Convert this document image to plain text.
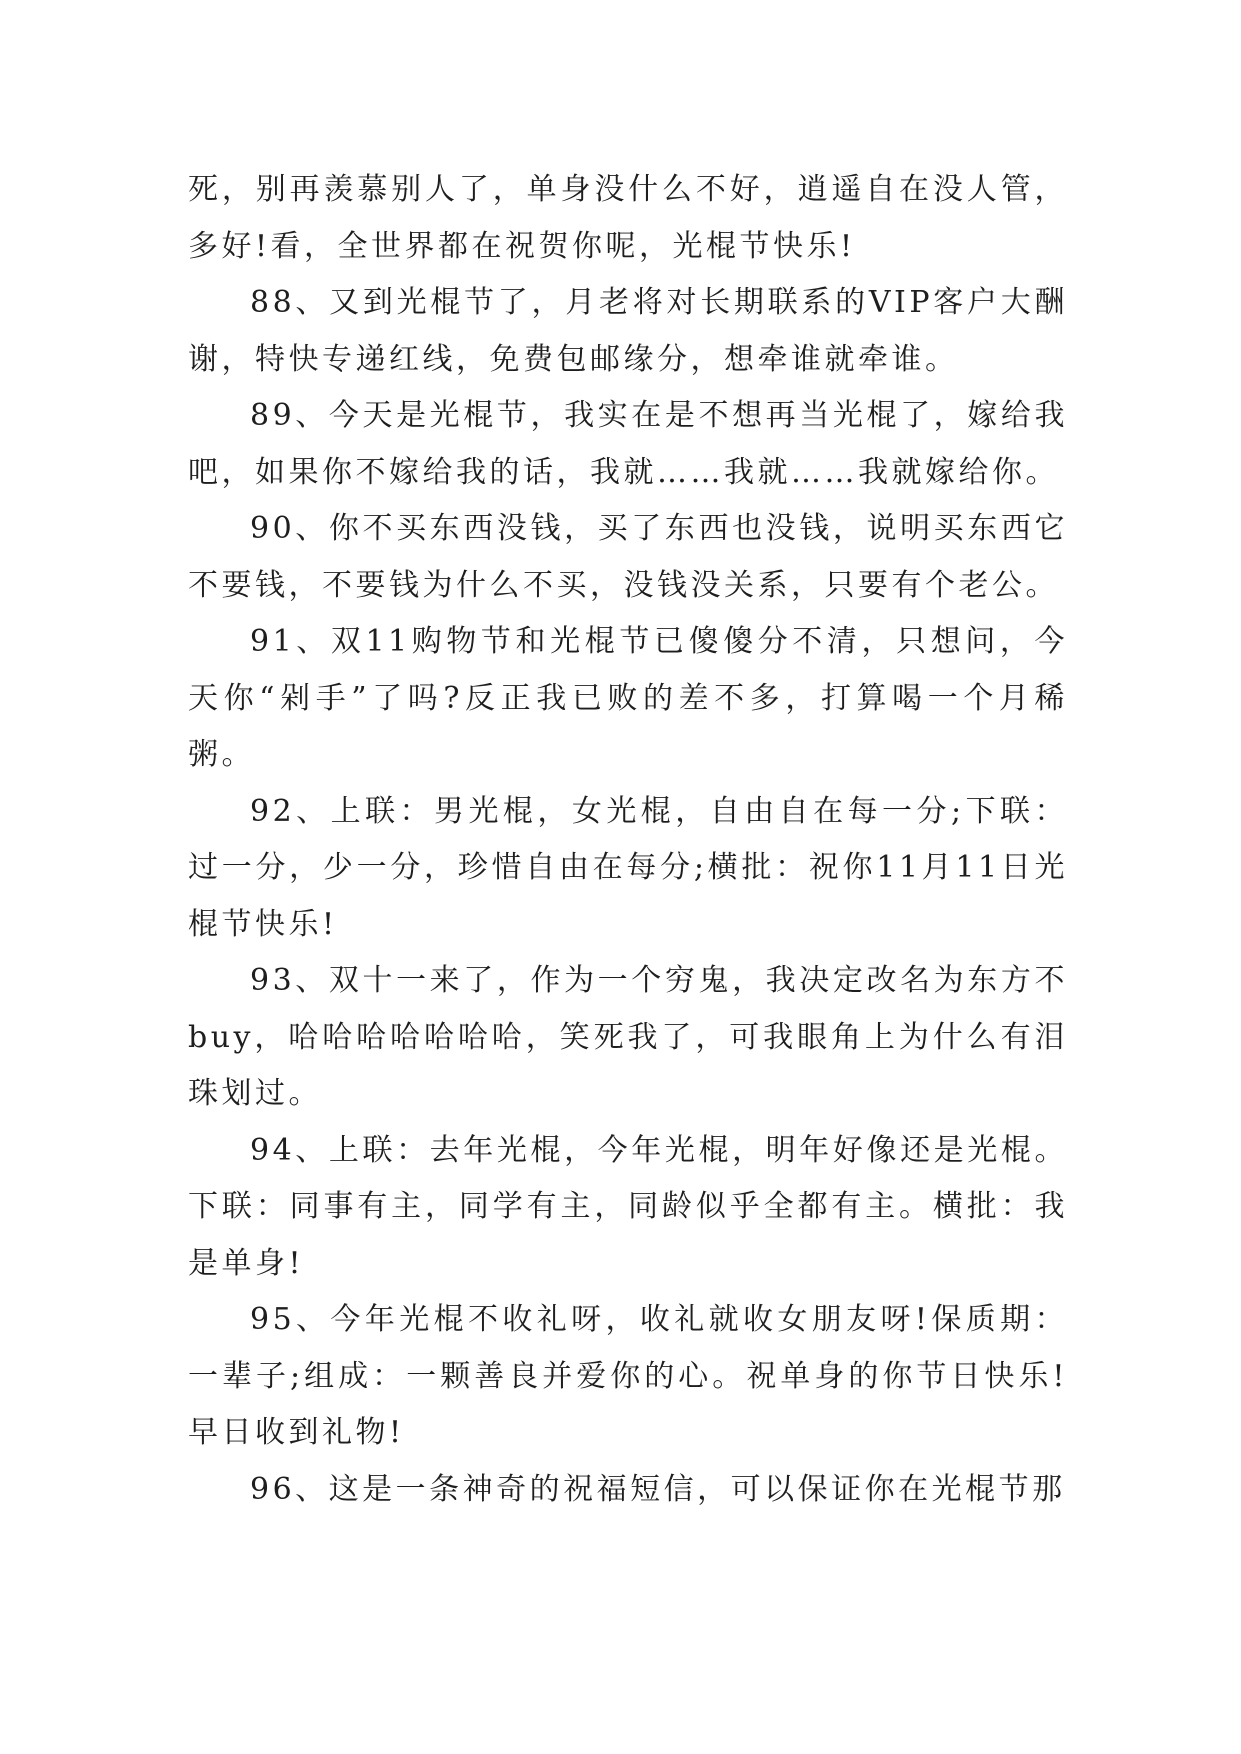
死，别再羡慕别人了，单身没什么不好，逍遥自在没人管，多好!看，全世界都在祝贺你呢，光棍节快乐!

88、又到光棍节了，月老将对长期联系的VIP客户大酬谢，特快专递红线，免费包邮缘分，想牵谁就牵谁。

89、今天是光棍节，我实在是不想再当光棍了，嫁给我吧，如果你不嫁给我的话，我就……我就……我就嫁给你。

90、你不买东西没钱，买了东西也没钱，说明买东西它不要钱，不要钱为什么不买，没钱没关系，只要有个老公。

91、双11购物节和光棍节已傻傻分不清，只想问，今天你“剁手”了吗?反正我已败的差不多，打算喝一个月稀粥。

92、上联：男光棍，女光棍，自由自在每一分;下联：过一分，少一分，珍惜自由在每分;横批：祝你11月11日光棍节快乐!

93、双十一来了，作为一个穷鬼，我决定改名为东方不buy，哈哈哈哈哈哈哈，笑死我了，可我眼角上为什么有泪珠划过。

94、上联：去年光棍，今年光棍，明年好像还是光棍。下联：同事有主，同学有主，同龄似乎全都有主。横批：我是单身!

95、今年光棍不收礼呀，收礼就收女朋友呀!保质期：一辈子;组成：一颗善良并爱你的心。祝单身的你节日快乐!早日收到礼物!

96、这是一条神奇的祝福短信，可以保证你在光棍节那
